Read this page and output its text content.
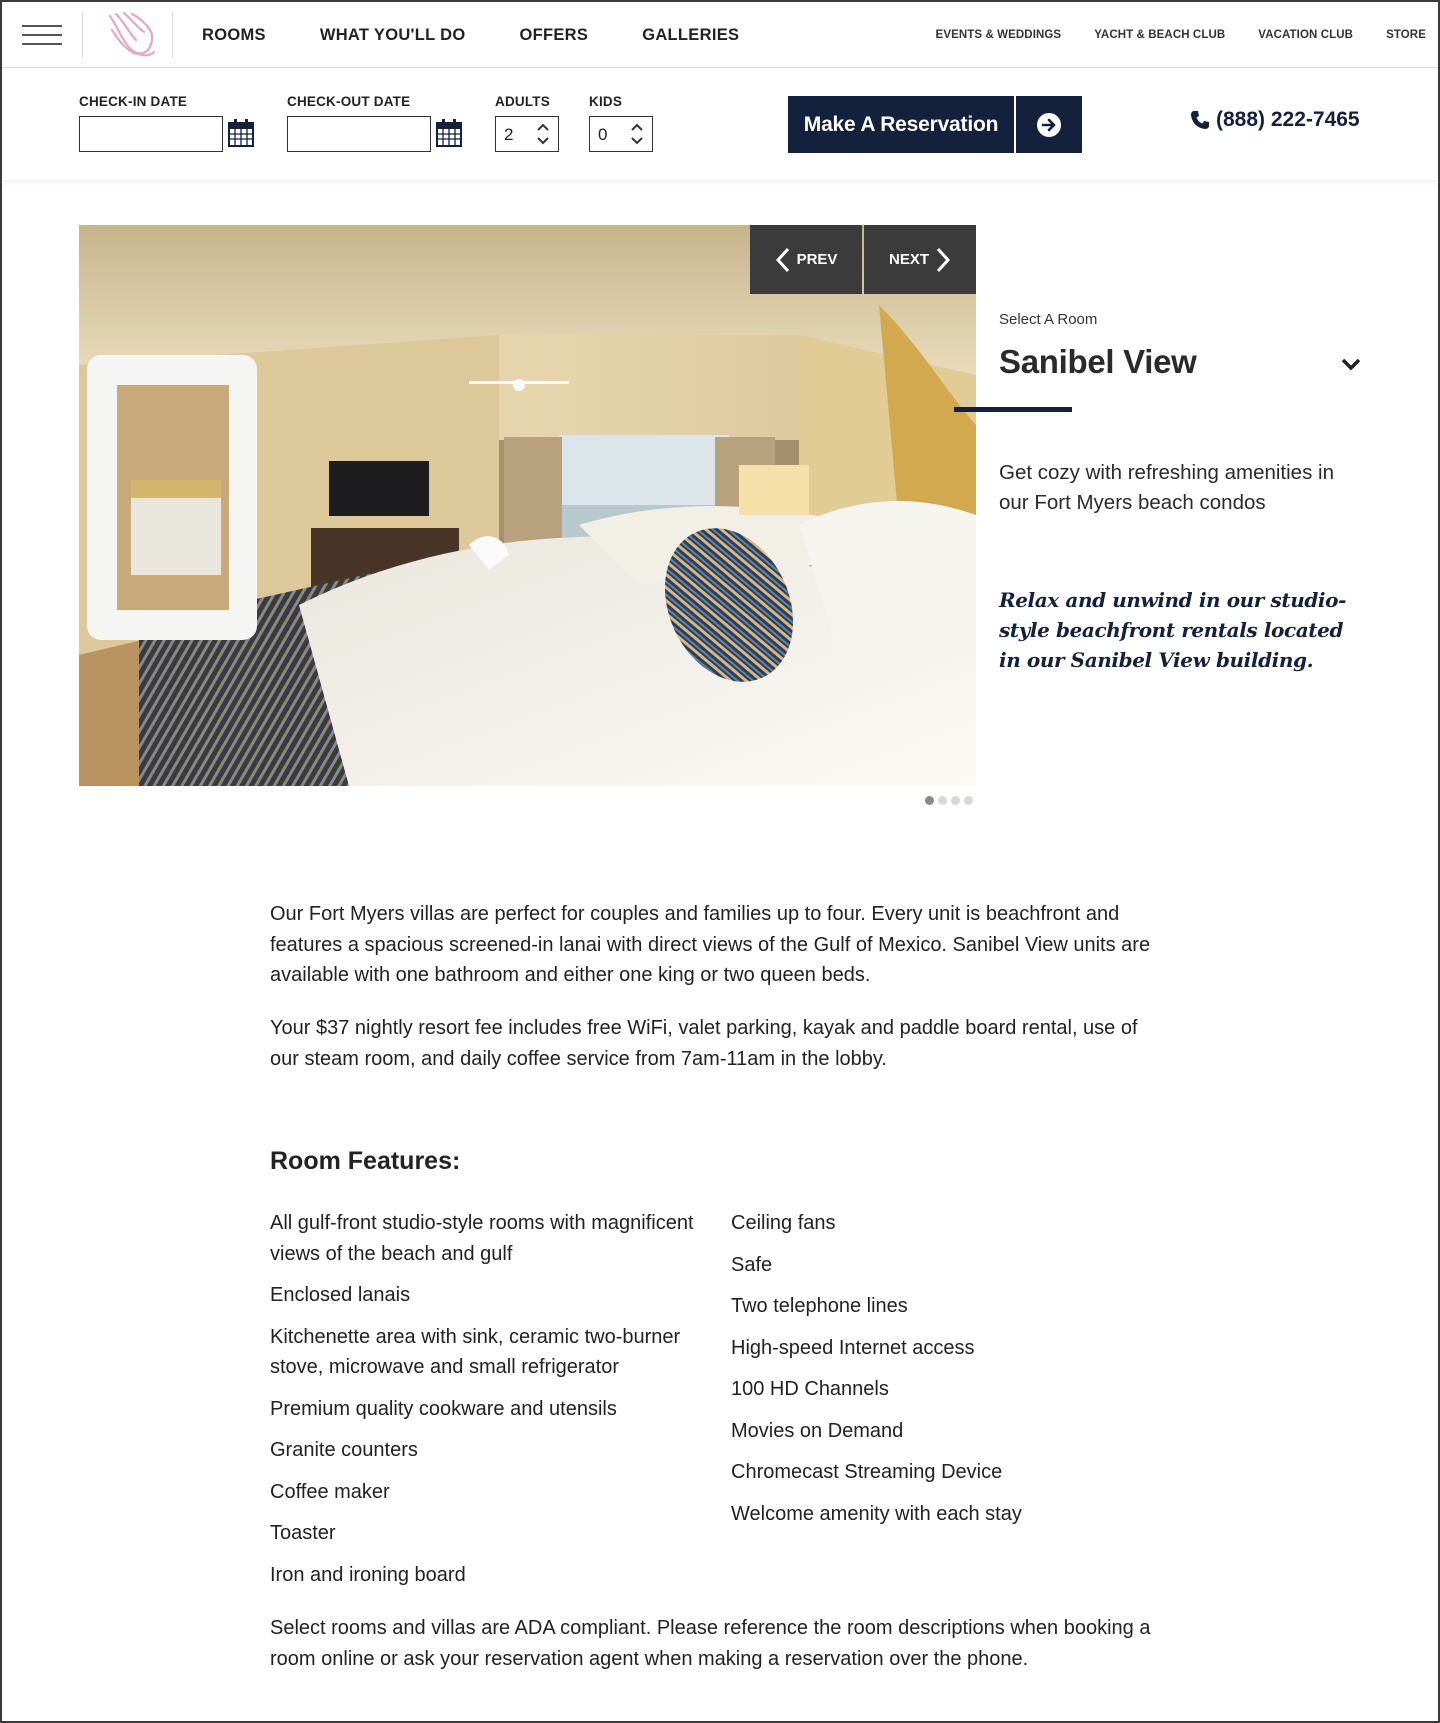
ROOMS	WHAT YOU'LL DO	OFFERS	GALLERIES	EVENTS & WEDDINGS	YACHT & BEACH CLUB	VACATION CLUB	STORE
CHECK-IN DATE	CHECK-OUT DATE	ADULTS
2
KIDS
0	Make A Reservation	(888) 222-7465
PREV	NEXT
Select A Room
Sanibel View

Get cozy with refreshing amenities in our Fort Myers beach condos

Relax and unwind in our studio-style beachfront rentals located in our Sanibel View building.

Our Fort Myers villas are perfect for couples and families up to four. Every unit is beachfront and features a spacious screened-in lanai with direct views of the Gulf of Mexico. Sanibel View units are available with one bathroom and either one king or two queen beds.

Your $37 nightly resort fee includes free WiFi, valet parking, kayak and paddle board rental, use of our steam room, and daily coffee service from 7am-11am in the lobby.

Room Features:
All gulf-front studio-style rooms with magnificent views of the beach and gulf
Enclosed lanais
Kitchenette area with sink, ceramic two-burner stove, microwave and small refrigerator
Premium quality cookware and utensils
Granite counters
Coffee maker
Toaster
Iron and ironing board
Ceiling fans
Safe
Two telephone lines
High-speed Internet access
100 HD Channels
Movies on Demand
Chromecast Streaming Device
Welcome amenity with each stay

Select rooms and villas are ADA compliant. Please reference the room descriptions when booking a room online or ask your reservation agent when making a reservation over the phone.
